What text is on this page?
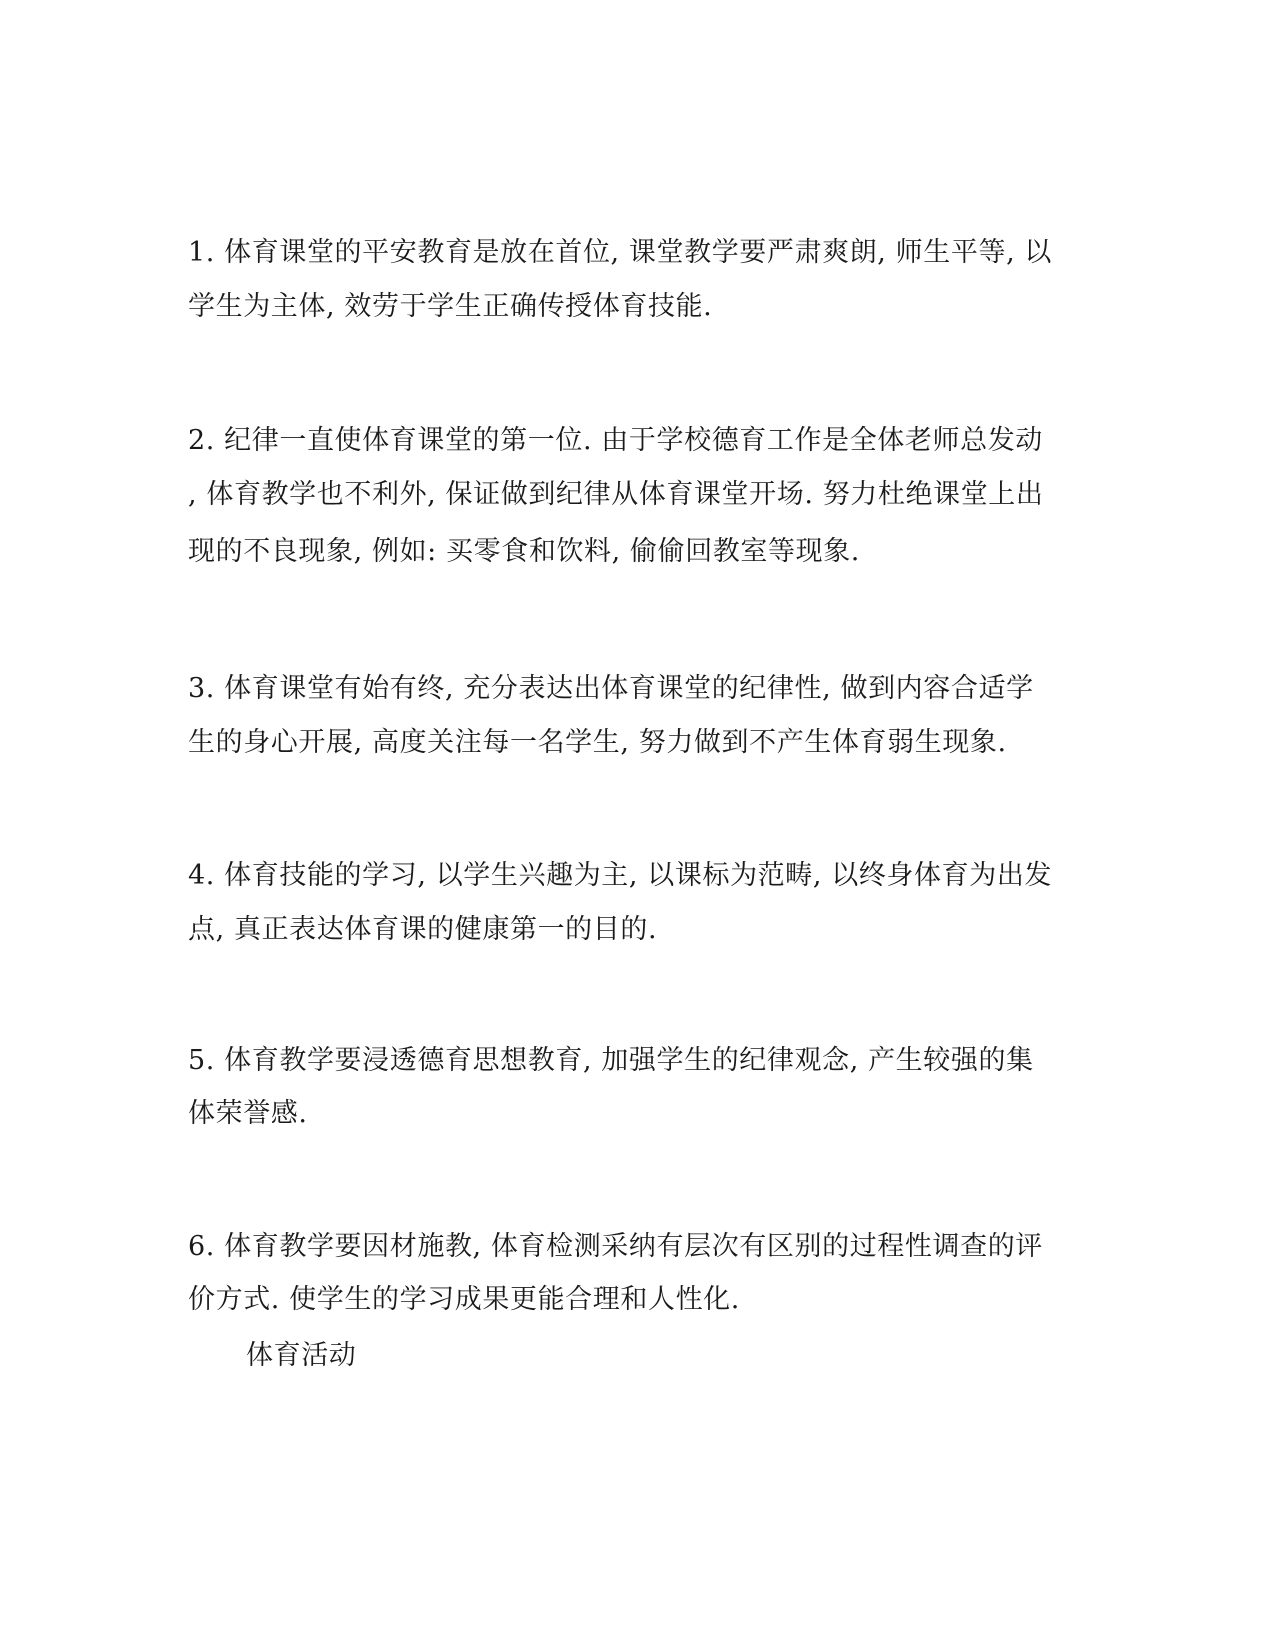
1. 体育课堂的平安教育是放在首位, 课堂教学要严肃爽朗, 师生平等, 以
学生为主体, 效劳于学生正确传授体育技能.
2. 纪律一直使体育课堂的第一位. 由于学校德育工作是全体老师总发动
, 体育教学也不利外, 保证做到纪律从体育课堂开场. 努力杜绝课堂上出
现的不良现象, 例如: 买零食和饮料, 偷偷回教室等现象.
3. 体育课堂有始有终, 充分表达出体育课堂的纪律性, 做到内容合适学
生的身心开展, 高度关注每一名学生, 努力做到不产生体育弱生现象.
4. 体育技能的学习, 以学生兴趣为主, 以课标为范畴, 以终身体育为出发
点, 真正表达体育课的健康第一的目的.
5. 体育教学要浸透德育思想教育, 加强学生的纪律观念, 产生较强的集
体荣誉感.
6. 体育教学要因材施教, 体育检测采纳有层次有区别的过程性调查的评
价方式. 使学生的学习成果更能合理和人性化.
体育活动
